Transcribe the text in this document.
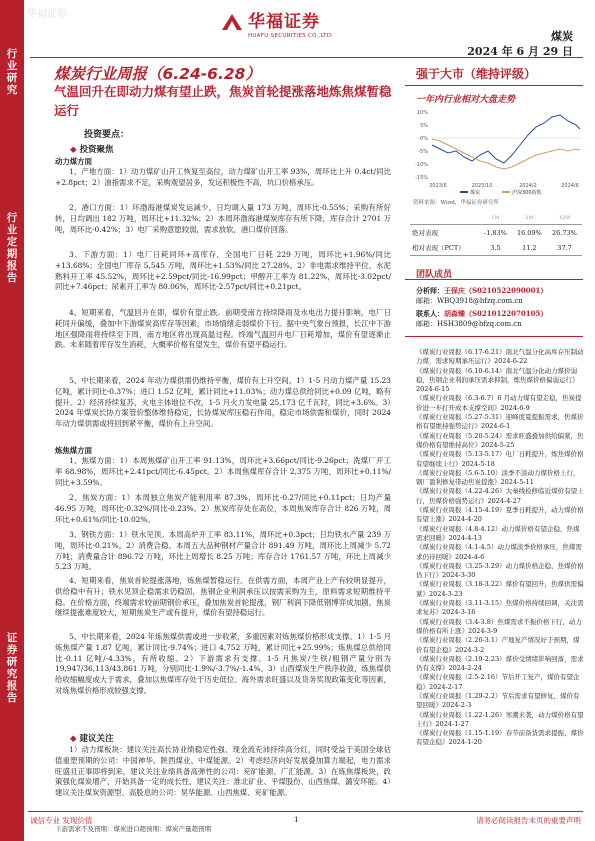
行业研究
行业定期报告
证券研究报告
华福证券	华福证券
HUAFU SECURITIES CO.,LTD.	煤炭
2024 年 6 月 29 日
煤炭行业周报（6.24-6.28）
气温回升在即动力煤有望止跌，焦炭首轮提涨落地炼焦煤暂稳运行
投资要点：
◆ 投资聚焦
动力煤方面
1、产地方面：1）动力煤矿山开工恢复至高位，动力煤矿山开工率 93%，周环比上升 0.4ct/同比+2.8pct；2）油指需求不足，采购观望居多，发运积极性不高，坑口价格承压。
2、港口方面：1）环渤海港煤炭发运减少，日均调入量 173 万吨，周环比-0.55%；采购有所好转，日均调出 182 万吨，周环比+11.32%；2）本周环渤海港煤炭库存有所下降，库存合计 2701 万吨，周环比-0.42%；3）电厂采购意愿较弱，需求放软，港口煤价回落。
3、下游方面：1）电厂日耗同环+高库存，全国电厂日耗 229 万吨，周环比+1.96%/同比+13.68%；全国电厂库存 5,545 万吨，周环比+1.53%/同比 27.28%。2）非电需求维持平位，水泥熟料开工率 45.52%，周环比+2.59pct/同比-16.99pct；甲醇开工率为 81.22%，周环比-3.02pct/同比+7.46pct；尿素开工率为 80.06%，周环比-2.57pct/同比+0.21pct。
4、短期来看，气温回升在即，煤价有望止跌。前期受南方持续降雨及水电出力提升影响，电厂日耗同升偏缓，叠加中下游煤炭高库存等因素，市场情绪走弱煤价下行。据中央气象台预报，长江中下游地区强降雨将持续至下周，南方地区将出现高温过程。终端气温回升电厂日耗增加，煤价有望逐渐止跌。未来随着库存发生消耗，大概率价格有望发生，煤价有望平稳运行。
5、中长期来看，2024 年动力煤供需仍维持平衡，煤价有上升空间。1）1-5 月动力煤产量 15.23 亿吨，累计同比-0.37%；进口 1.52 亿吨，累计同比+11.03%；动力煤总供给同比+0.09 亿吨，略有提升。2）经济持续复苏，火电主体地位不改，1-5 月火力发电量 25,173 亿千瓦时，同比+3.6%。3）2024 年煤炭长协方案管价整体维持稳定，长协煤炭库压稳石作用，稳定市场供需和煤价，同时 2024 年动力煤供需或将回到紧平衡，煤价有上升空间。
炼焦煤方面
1、焦煤方面：1）本周焦煤矿山开工率 91.13%，周环比+3.66pct/同比-9.26pct；洗煤厂开工率 68.98%，周环比+2.41pct/同比-6.45pct。2）本周焦煤库存合计 2,375 万吨，周环比+0.11%/同比+3.59%。
2、焦炭方面：1）本周独立焦炭产能利用率 87.3%，周环比-0.27/同比+0.11pct；日均产量 46.95 万吨，周环比-0.32%/同比-0.23%。2）焦炭库存处在高位，本周焦炭库存合计 826 万吨，周环比+0.61%/同比-10.02%。
3、钢铁方面：1）铁水见顶。本周高炉开工率 83.11%，周环比+0.3pct；日均铁水产量 239 万吨，周环比-0.21%。2）消费合稳。本周五大品种钢材产量合计 891.49 万吨，周环比上周减少 5.72 万吨；消费量合计 896.72 万吨，环比上周增长 8.25 万吨；库存合计 1761.57 万吨，环比上周减少 5.23 万吨。
4、短期来看，焦炭首轮提涨落地，炼焦煤暂稳运行。在供需方面，本周产业上产有较明显提升，供给稳中有升；铁水见顶企稳需求仍稳固，焦钢企业利润承压以按需采购为主，原料需求短期维持平稳。在价格方面，终端需求较前期钢价承压，叠加焦炭首轮提涨，钢厂利润下降低钢博弈成加剧，焦炭继续提涨难度较大，短期焦炭生产或有提升，煤价有望持稳运行。
5、中长期来看，2024 年炼焦煤供需或进一步收紧，多重因素对炼焦煤价格形成支撑。1）1-5 月炼焦煤产量 1.87 亿吨，累计同比-9.74%；进口 4,752 万吨，累计同比+25.99%；炼焦煤总供给同比-0.11 亿吨/-4.33%，有所收缩。2）下游需求有支撑。1-5 月焦炭/生铁/粗钢产量分别为 19,947/36,113/43,861 万吨，分别同比-1.9%/-3.7%/-1.4%。3）山西煤炭生产秩序收敛，炼焦煤供给收缩幅度或大于需求，叠加以焦煤库存处于历史低位、海外需求旺盛以及货务奖现政策变化等因素，对炼焦煤价格形成较强支撑。
◆ 建议关注
1）动力煤板块：建议关注高长协业绩稳定性强、现金流充沛持续高分红，同时受益于美国全球估值重塑预期的公司：中国神华、陕西煤业、中煤能源。2）考虑经济向好发展叠加算力端起，电力需求旺盛且正事即将到来，建议关注业绩具备高弹性的公司：兖矿能源、广汇能源。3）在炼焦煤板块，政策强化煤炭增产，开始具备一定的成长性，建议关注：淮北矿业、平煤股份、山西焦煤、潞安环能。4）建议关注煤炭资源型、高股息的公司：昊华能源、山西焦煤、兖矿能源。
下游需求不及预期：煤炭进口超预期：煤炭产量超预期
强于大市（维持评级）
一年内行业相对大盘走势
10%
5%
0%
-5%
-10%
-15%
2023/6	2023/10	2024/2	2024/6
煤炭	沪深300指数
资料来源：Wind，华福证券研究所
	1M	3M	12M
绝对表现	-1.83%	16.09%	26.73%
相对表现（PCT）	3.5	11.2	37.7
团队成员
分析师：王保庆（S0210522090001）
邮箱：WBQ3918@hfzq.com.cn
联系人：胡森臻（S0210122070105）
邮箱：HSH3809@hfzq.com.cn

《煤炭行业周报（6.17-6.21）南北气温分化高库存压制动力煤，需求短期承压运行》2024-6-22

《煤炭行业周报（6.10-6.14）南北气温分化动力煤价弱稳，焦钢企业利润承压需求抑制，炼焦煤价格偏弱运行》2024-6-15

《煤炭行业周报（6.3-6.7）6 月动力煤有望走稳，焦炭提价进一步打开成本支撑空间》2024-6-9

《煤炭行业周报（5.27-5.31）迎峰度夏提振需求，焦煤价格有望维持强势运行》2024-6-1

《煤炭行业周报（5.20-5.24）需求旺盛叠加供给偏紧，焦煤价格有望维持高位》2024-5-25

《煤炭行业周报（5.13-5.17）电厂日耗提升，炼焦煤价格有望继续上行》2024-5-18

《煤炭行业周报（5.6-5.10）淡季不淡动力煤价格上行，钢厂盈利修复带动焦炭提涨》2024-5-11

《煤炭行业周报（4.22-4.26）大秦线检修临近煤价有望上行，焦煤价格强势运行》2024-4-27

《煤炭行业周报（4.15-4.19）夏季日耗提升，动力煤价格有望上涨》2024-4-20

《煤炭行业周报（4.8-4.12）动力煤价格有望企稳，焦煤需求回暖》2024-4-13

《煤炭行业周报（4.1-4.5）动力煤淡季价格承压，焦煤需求仍待回暖》2024-4-6

《煤炭行业周报（3.25-3.29）动力煤价格企稳，焦煤价格仍下行》2024-3-30

《煤炭行业周报（3.18-3.22）煤价有望回升，焦煤供需偏紧》2024-3-23

《煤炭行业周报（3.11-3.15）焦煤价格持续回调，关注需求复苏》2024-3-16

《煤炭行业周报（3.4-3.8）焦煤需求不振价格下行，动力煤价格有所上涨》2024-3-9

《煤炭行业周报（2.26-3.1）产地复产情况好于预期，煤价有望企稳》2024-3-2

《煤炭行业周报（2.19-2.23）煤价受情绪影响回落，需求仍有支撑》2024-2-24

《煤炭行业周报（2.5-2.16）节后开工复产，煤价有望企稳》2024-2-17

《煤炭行业周报（1.29-2.2）节后需求有望修复，煤价有望回暖》2024-2-3

《煤炭行业周报（1.22-1.26）寒潮来袭，动力煤价格有望上行》2024-1-27

《煤炭行业周报（1.15-1.19）春节前备货需求提振，煤价有望企稳》2024-1-20

诚信专业 发现价值	1	请务必阅读报告末页的重要声明
